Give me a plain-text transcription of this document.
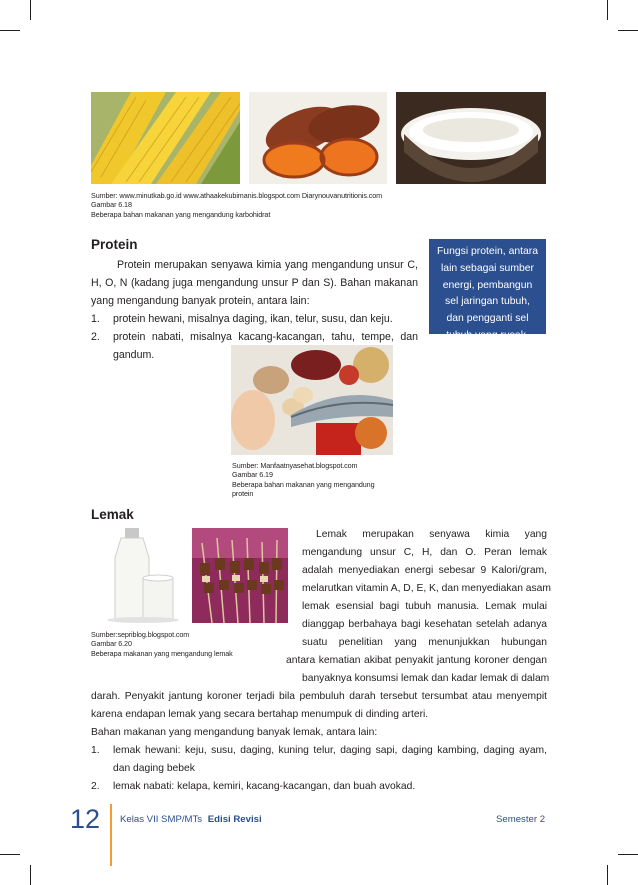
Sumber: www.minutkab.go.id www.athaakekubimanis.blogspot.com Diarynouvanutritionis.com
Gambar 6.18
Beberapa bahan makanan yang mengandung karbohidrat
Protein

Protein merupakan senyawa kimia yang mengandung unsur C, H, O, N (kadang juga mengandung unsur P dan S). Bahan makanan yang mengandung banyak protein, antara lain:

1. protein hewani, misalnya daging, ikan, telur, susu, dan keju.
2. protein nabati, misalnya kacang-kacangan, tahu, tempe, dan gandum.
Fungsi protein, antara lain sebagai sumber energi, pembangun sel jaringan tubuh, dan pengganti sel tubuh yang rusak.
Sumber: Manfaatnyasehat.blogspot.com
Gambar 6.19
Beberapa bahan makanan yang mengandung
protein
Lemak
Sumber:sepriblog.blogspot.com
Gambar 6.20
Beberapa makanan yang mengandung lemak
Lemak merupakan senyawa kimia yang
mengandung unsur C, H, dan O. Peran lemak
adalah menyediakan energi sebesar 9 Kalori/gram,
melarutkan vitamin A, D, E, K, dan menyediakan asam
lemak esensial bagi tubuh manusia. Lemak mulai
dianggap berbahaya bagi kesehatan setelah adanya
suatu penelitian yang menunjukkan hubungan
antara kematian akibat penyakit jantung koroner dengan
banyaknya konsumsi lemak dan kadar lemak di dalam

darah. Penyakit jantung koroner terjadi bila pembuluh darah tersebut tersumbat atau menyempit karena endapan lemak yang secara bertahap menumpuk di dinding arteri.

Bahan makanan yang mengandung banyak lemak, antara lain:

1. lemak hewani: keju, susu, daging, kuning telur, daging sapi, daging kambing, daging ayam, dan daging bebek
2. lemak nabati: kelapa, kemiri, kacang-kacangan, dan buah avokad.
12 Kelas VII SMP/MTs Edisi Revisi	Semester 2
